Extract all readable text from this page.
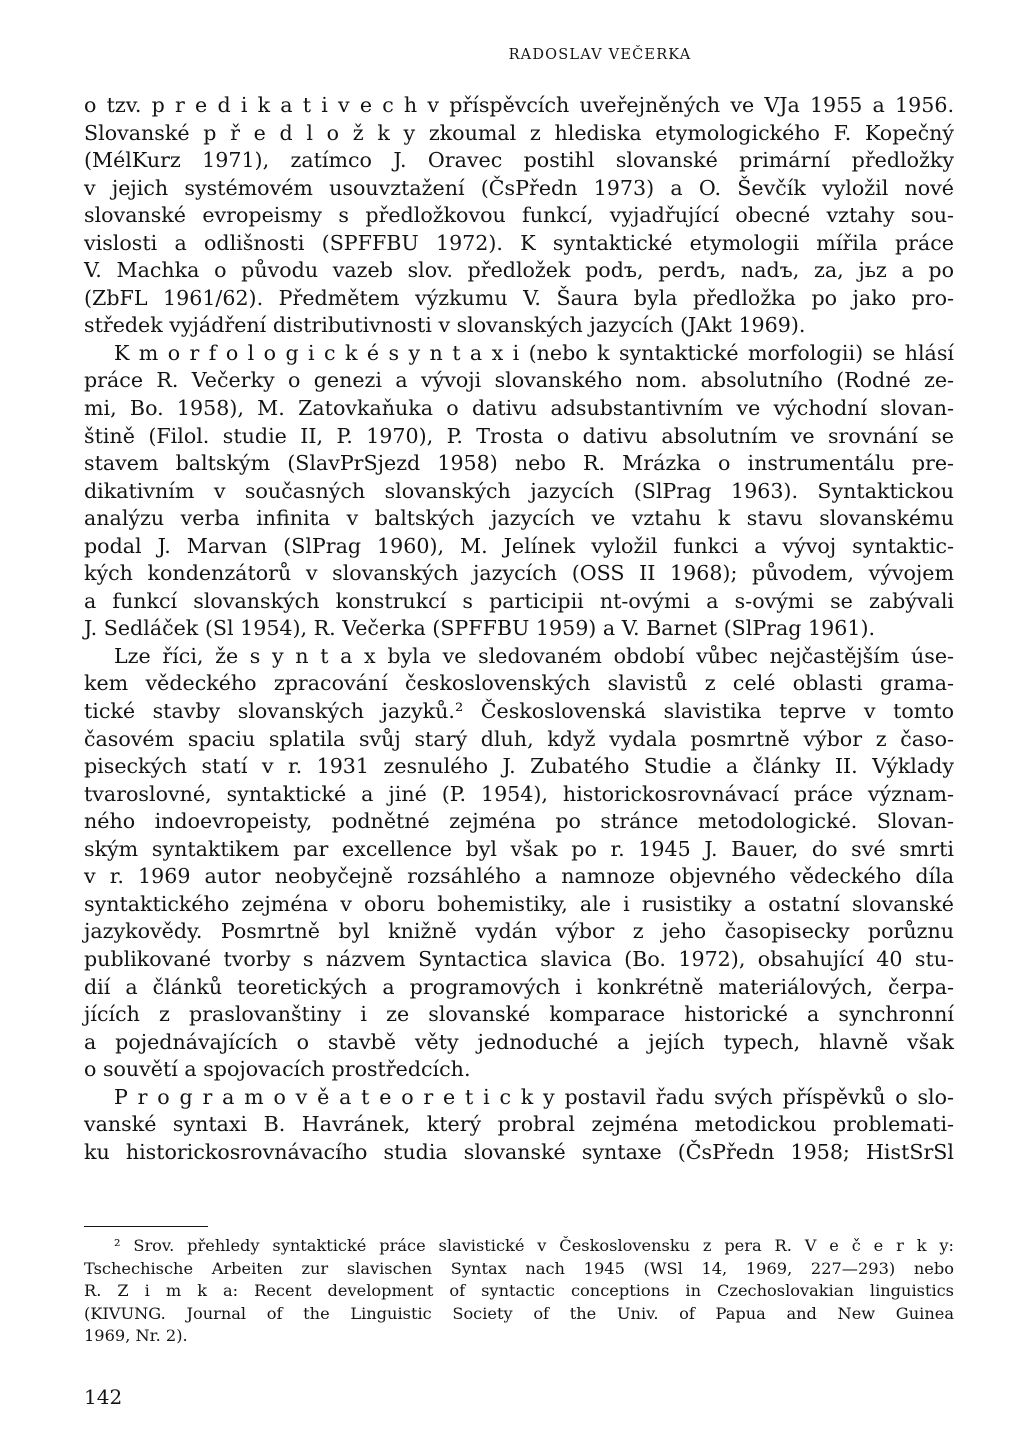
RADOSLAV VEČERKA
o tzv. p r e d i k a t i v e c h v příspěvcích uveřejněných ve VJa 1955 a 1956.
Slovanské p ř e d l o ž k y zkoumal z hlediska etymologického F. Kopečný
(MélKurz 1971), zatímco J. Oravec postihl slovanské primární předložky
v jejich systémovém usouvztažení (ČsPředn 1973) a O. Ševčík vyložil nové
slovanské evropeismy s předložkovou funkcí, vyjadřující obecné vztahy sou-
vislosti a odlišnosti (SPFFBU 1972). K syntaktické etymologii mířila práce
V. Machka o původu vazeb slov. předložek podъ, perdъ, nadъ, za, jьz a po
(ZbFL 1961/62). Předmětem výzkumu V. Šaura byla předložka po jako pro-
středek vyjádření distributivnosti v slovanských jazycích (JAkt 1969).
K m o r f o l o g i c k é s y n t a x i (nebo k syntaktické morfologii) se hlásí
práce R. Večerky o genezi a vývoji slovanského nom. absolutního (Rodné ze-
mi, Bo. 1958), M. Zatovkaňuka o dativu adsubstantivním ve východní slovan-
štině (Filol. studie II, P. 1970), P. Trosta o dativu absolutním ve srovnání se
stavem baltským (SlavPrSjezd 1958) nebo R. Mrázka o instrumentálu pre-
dikativním v současných slovanských jazycích (SlPrag 1963). Syntaktickou
analýzu verba infinita v baltských jazycích ve vztahu k stavu slovanskému
podal J. Marvan (SlPrag 1960), M. Jelínek vyložil funkci a vývoj syntaktic-
kých kondenzátorů v slovanských jazycích (OSS II 1968); původem, vývojem
a funkcí slovanských konstrukcí s participii nt-ovými a s-ovými se zabývali
J. Sedláček (Sl 1954), R. Večerka (SPFFBU 1959) a V. Barnet (SlPrag 1961).
Lze říci, že s y n t a x byla ve sledovaném období vůbec nejčastějším úse-
kem vědeckého zpracování československých slavistů z celé oblasti grama-
tické stavby slovanských jazyků.² Československá slavistika teprve v tomto
časovém spaciu splatila svůj starý dluh, když vydala posmrtně výbor z časo-
piseckých statí v r. 1931 zesnulého J. Zubatého Studie a články II. Výklady
tvaroslovné, syntaktické a jiné (P. 1954), historickosrovnávací práce význam-
ného indoevropeisty, podnětné zejména po stránce metodologické. Slovan-
ským syntaktikem par excellence byl však po r. 1945 J. Bauer, do své smrti
v r. 1969 autor neobyčejně rozsáhlého a namnoze objevného vědeckého díla
syntaktického zejména v oboru bohemistiky, ale i rusistiky a ostatní slovanské
jazykovědy. Posmrtně byl knižně vydán výbor z jeho časopisecky porůznu
publikované tvorby s názvem Syntactica slavica (Bo. 1972), obsahující 40 stu-
dií a článků teoretických a programových i konkrétně materiálových, čerpa-
jících z praslovanštiny i ze slovanské komparace historické a synchronní
a pojednávajících o stavbě věty jednoduché a jejích typech, hlavně však
o souvětí a spojovacích prostředcích.
P r o g r a m o v ě a t e o r e t i c k y postavil řadu svých příspěvků o slo-
vanské syntaxi B. Havránek, který probral zejména metodickou problemati-
ku historickosrovnávacího studia slovanské syntaxe (ČsPředn 1958; HistSrSl
² Srov. přehledy syntaktické práce slavistické v Československu z pera R. V e č e r k y:
Tschechische Arbeiten zur slavischen Syntax nach 1945 (WSl 14, 1969, 227—293) nebo
R. Z i m k a: Recent development of syntactic conceptions in Czechoslovakian linguistics
(KIVUNG. Journal of the Linguistic Society of the Univ. of Papua and New Guinea
1969, Nr. 2).
142
